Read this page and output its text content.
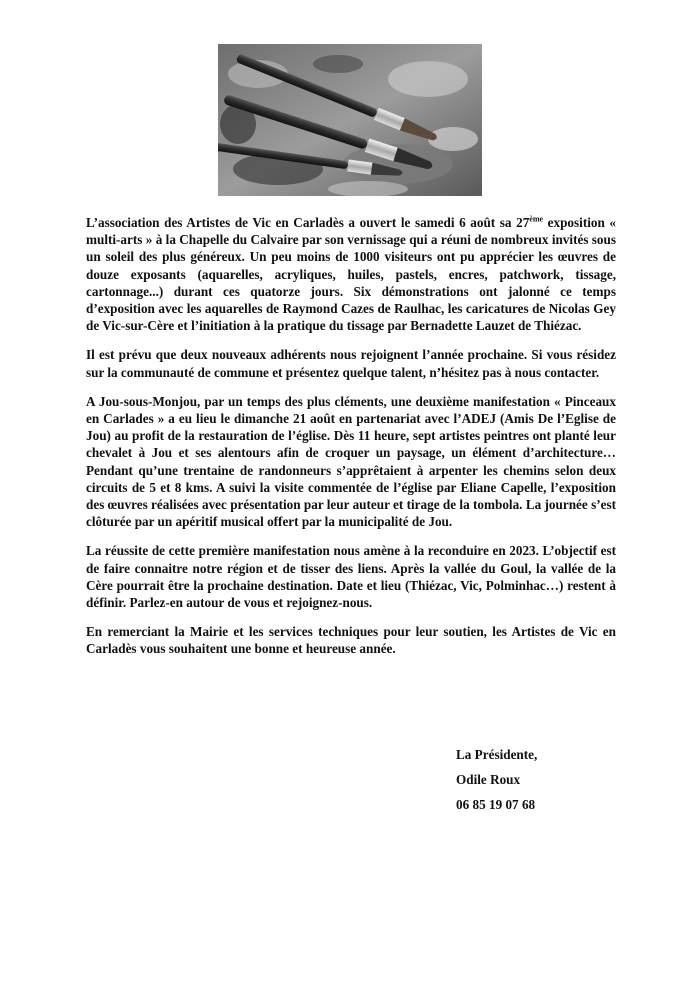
L’association des Artistes de Vic en Carladès a ouvert le samedi 6 août sa 27ème exposition « multi-arts » à la Chapelle du Calvaire par son vernissage qui a réuni de nombreux invités sous un soleil des plus généreux. Un peu moins de 1000 visiteurs ont pu apprécier les œuvres de douze exposants (aquarelles, acryliques, huiles, pastels, encres, patchwork, tissage, cartonnage...) durant ces quatorze jours. Six démonstrations ont jalonné ce temps d’exposition avec les aquarelles de Raymond Cazes de Raulhac, les caricatures de Nicolas Gey de Vic-sur-Cère et l’initiation à la pratique du tissage par Bernadette Lauzet de Thiézac.

Il est prévu que deux nouveaux adhérents nous rejoignent l’année prochaine. Si vous résidez sur la communauté de commune et présentez quelque talent, n’hésitez pas à nous contacter.

A Jou-sous-Monjou, par un temps des plus cléments, une deuxième manifestation « Pinceaux en Carlades » a eu lieu le dimanche 21 août en partenariat avec l’ADEJ (Amis De l’Eglise de Jou) au profit de la restauration de l’église. Dès 11 heure, sept artistes peintres ont planté leur chevalet à Jou et ses alentours afin de croquer un paysage, un élément d’architecture… Pendant qu’une trentaine de randonneurs s’apprêtaient à arpenter les chemins selon deux circuits de 5 et 8 kms. A suivi la visite commentée de l’église par Eliane Capelle, l’exposition des œuvres réalisées avec présentation par leur auteur et tirage de la tombola. La journée s’est clôturée par un apéritif musical offert par la municipalité de Jou.

La réussite de cette première manifestation nous amène à la reconduire en 2023. L’objectif est de faire connaitre notre région et de tisser des liens. Après la vallée du Goul, la vallée de la Cère pourrait être la prochaine destination. Date et lieu (Thiézac, Vic, Polminhac…) restent à définir. Parlez-en autour de vous et rejoignez-nous.

En remerciant la Mairie et les services techniques pour leur soutien, les Artistes de Vic en Carladès vous souhaitent une bonne et heureuse année.

La Présidente,
Odile Roux
06 85 19 07 68
